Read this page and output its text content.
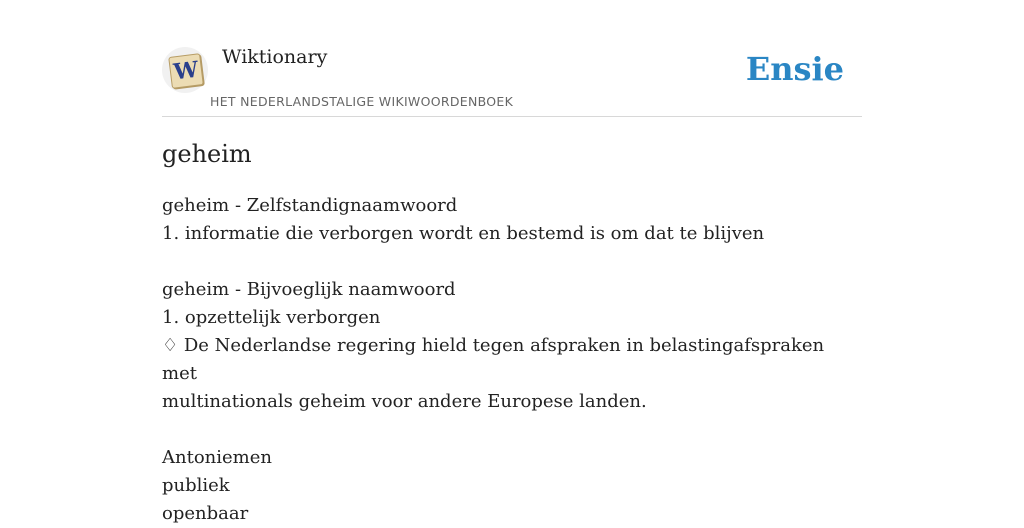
W Wiktionary
HET NEDERLANDSTALIGE WIKIWOORDENBOEK
Ensie
geheim
geheim - Zelfstandignaamwoord
1. informatie die verborgen wordt en bestemd is om dat te blijven
geheim - Bijvoeglijk naamwoord
1. opzettelijk verborgen
♢ De Nederlandse regering hield tegen afspraken in belastingafspraken met
multinationals geheim voor andere Europese landen.
Antoniemen
publiek
openbaar
